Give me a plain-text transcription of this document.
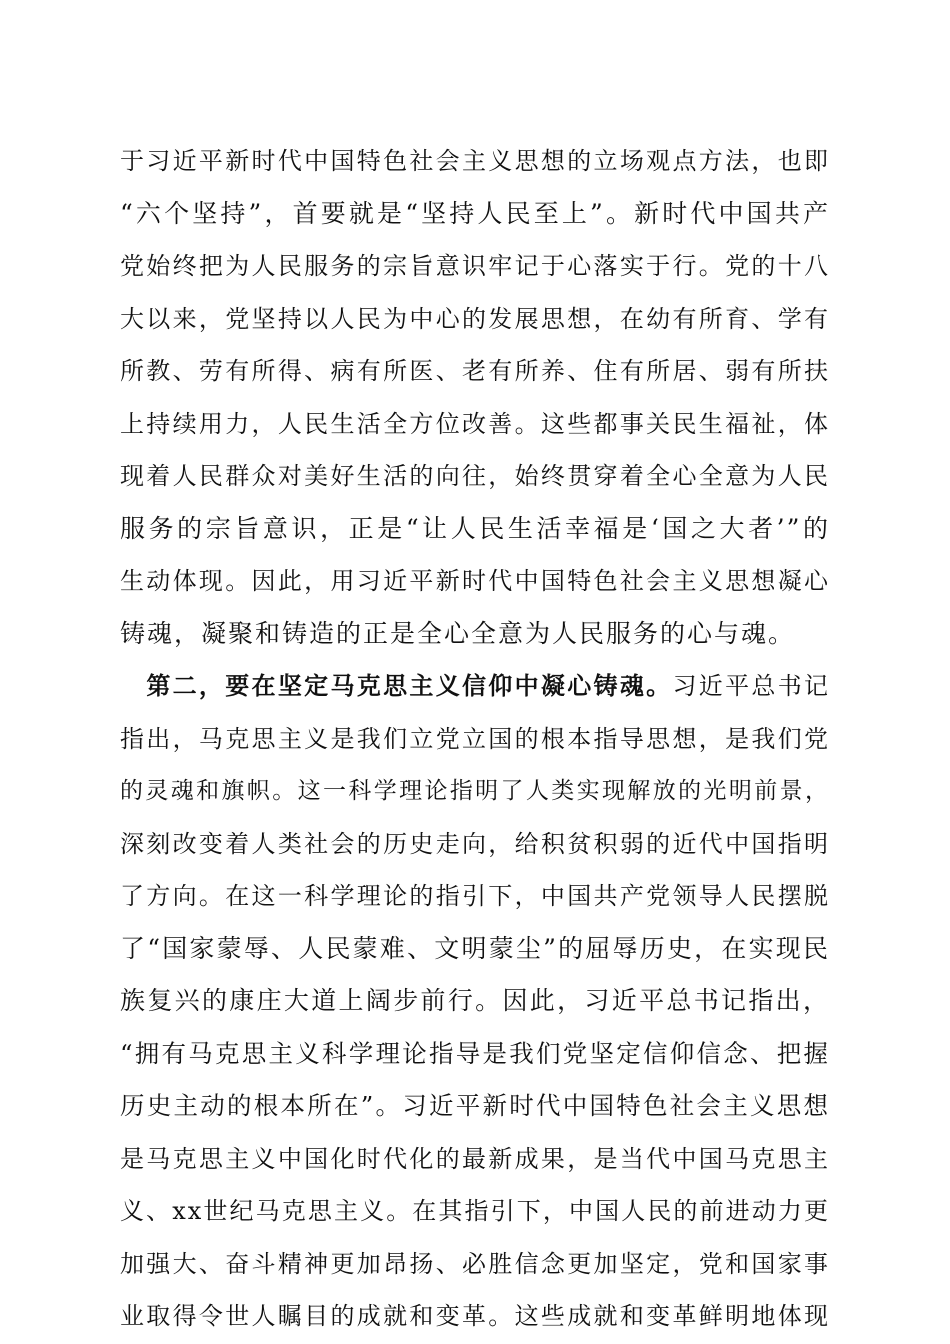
于习近平新时代中国特色社会主义思想的立场观点方法，也即
“六个坚持”，首要就是“坚持人民至上”。新时代中国共产
党始终把为人民服务的宗旨意识牢记于心落实于行。党的十八
大以来，党坚持以人民为中心的发展思想，在幼有所育、学有
所教、劳有所得、病有所医、老有所养、住有所居、弱有所扶
上持续用力，人民生活全方位改善。这些都事关民生福祉，体
现着人民群众对美好生活的向往，始终贯穿着全心全意为人民
服务的宗旨意识，正是“让人民生活幸福是‘国之大者’”的
生动体现。因此，用习近平新时代中国特色社会主义思想凝心
铸魂，凝聚和铸造的正是全心全意为人民服务的心与魂。
　第二，要在坚定马克思主义信仰中凝心铸魂。习近平总书记
指出，马克思主义是我们立党立国的根本指导思想，是我们党
的灵魂和旗帜。这一科学理论指明了人类实现解放的光明前景，
深刻改变着人类社会的历史走向，给积贫积弱的近代中国指明
了方向。在这一科学理论的指引下，中国共产党领导人民摆脱
了“国家蒙辱、人民蒙难、文明蒙尘”的屈辱历史，在实现民
族复兴的康庄大道上阔步前行。因此，习近平总书记指出，
“拥有马克思主义科学理论指导是我们党坚定信仰信念、把握
历史主动的根本所在”。习近平新时代中国特色社会主义思想
是马克思主义中国化时代化的最新成果，是当代中国马克思主
义、xx世纪马克思主义。在其指引下，中国人民的前进动力更
加强大、奋斗精神更加昂扬、必胜信念更加坚定，党和国家事
业取得令世人瞩目的成就和变革。这些成就和变革鲜明地体现
